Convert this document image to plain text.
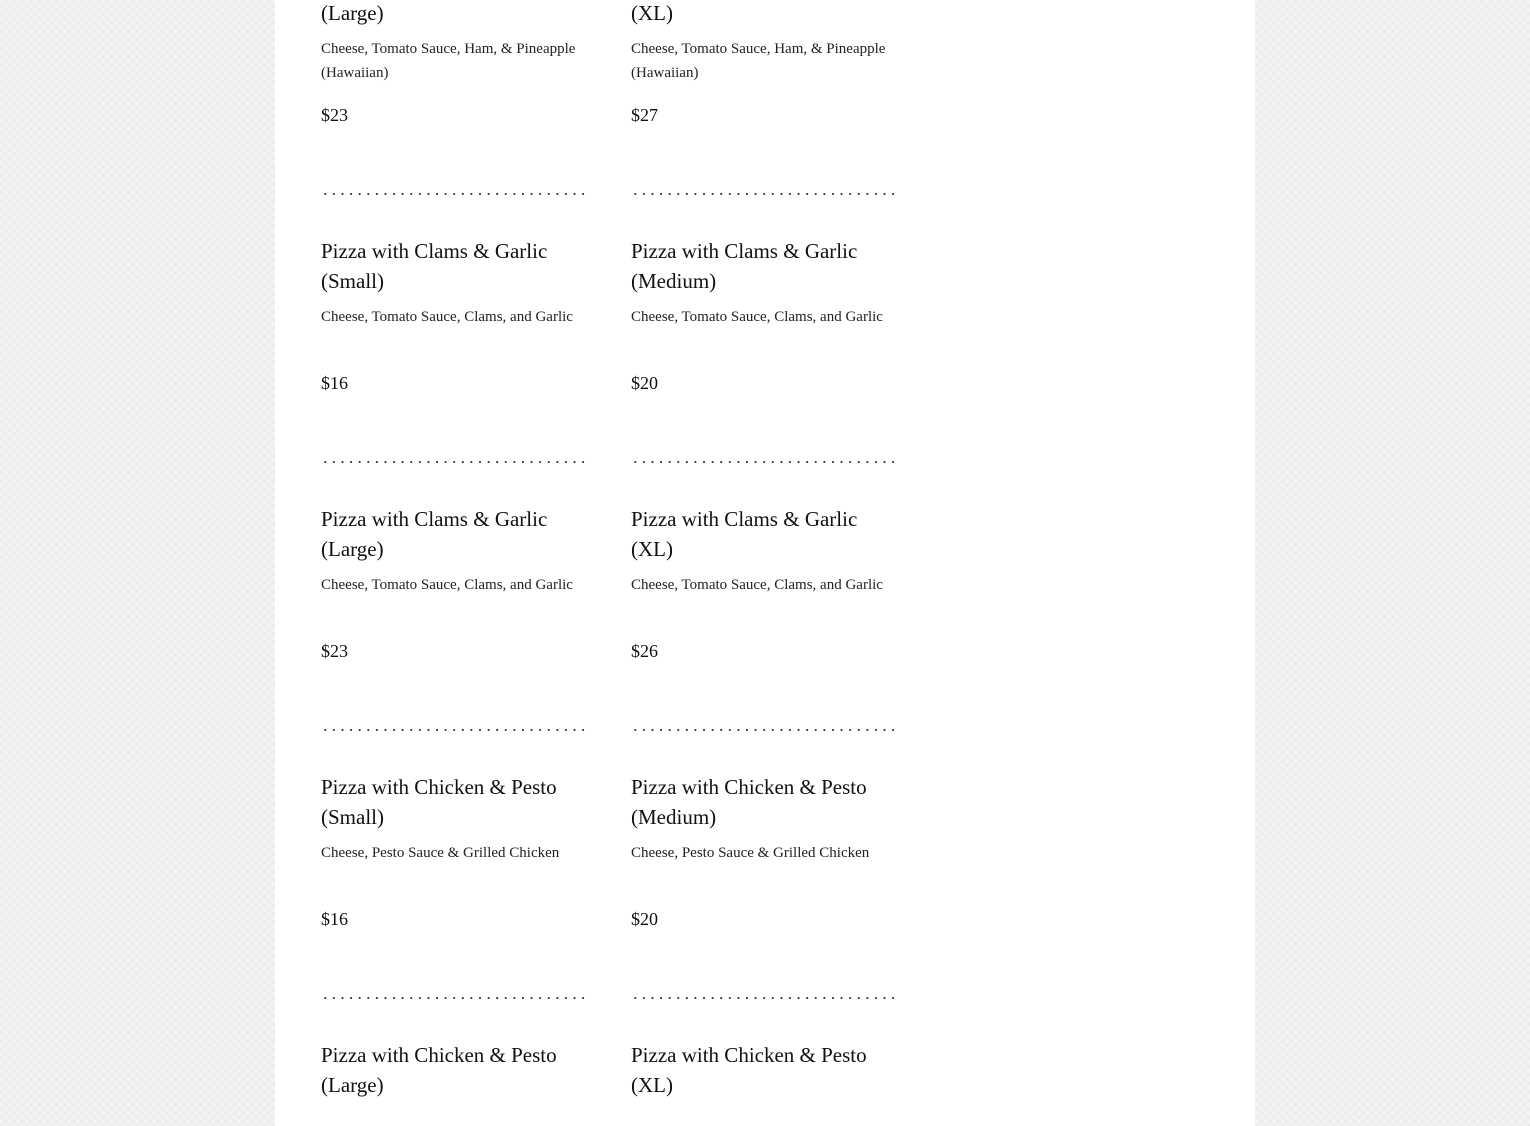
(Large)

Cheese, Tomato Sauce, Ham, & Pineapple (Hawaiian)

$23
(XL)

Cheese, Tomato Sauce, Ham, & Pineapple (Hawaiian)

$27
Pizza with Clams & Garlic (Small)

Cheese, Tomato Sauce, Clams, and Garlic

$16
Pizza with Clams & Garlic (Medium)

Cheese, Tomato Sauce, Clams, and Garlic

$20
Pizza with Clams & Garlic (Large)

Cheese, Tomato Sauce, Clams, and Garlic

$23
Pizza with Clams & Garlic (XL)

Cheese, Tomato Sauce, Clams, and Garlic

$26
Pizza with Chicken & Pesto (Small)

Cheese, Pesto Sauce & Grilled Chicken

$16
Pizza with Chicken & Pesto (Medium)

Cheese, Pesto Sauce & Grilled Chicken

$20
Pizza with Chicken & Pesto (Large)
Pizza with Chicken & Pesto (XL)
